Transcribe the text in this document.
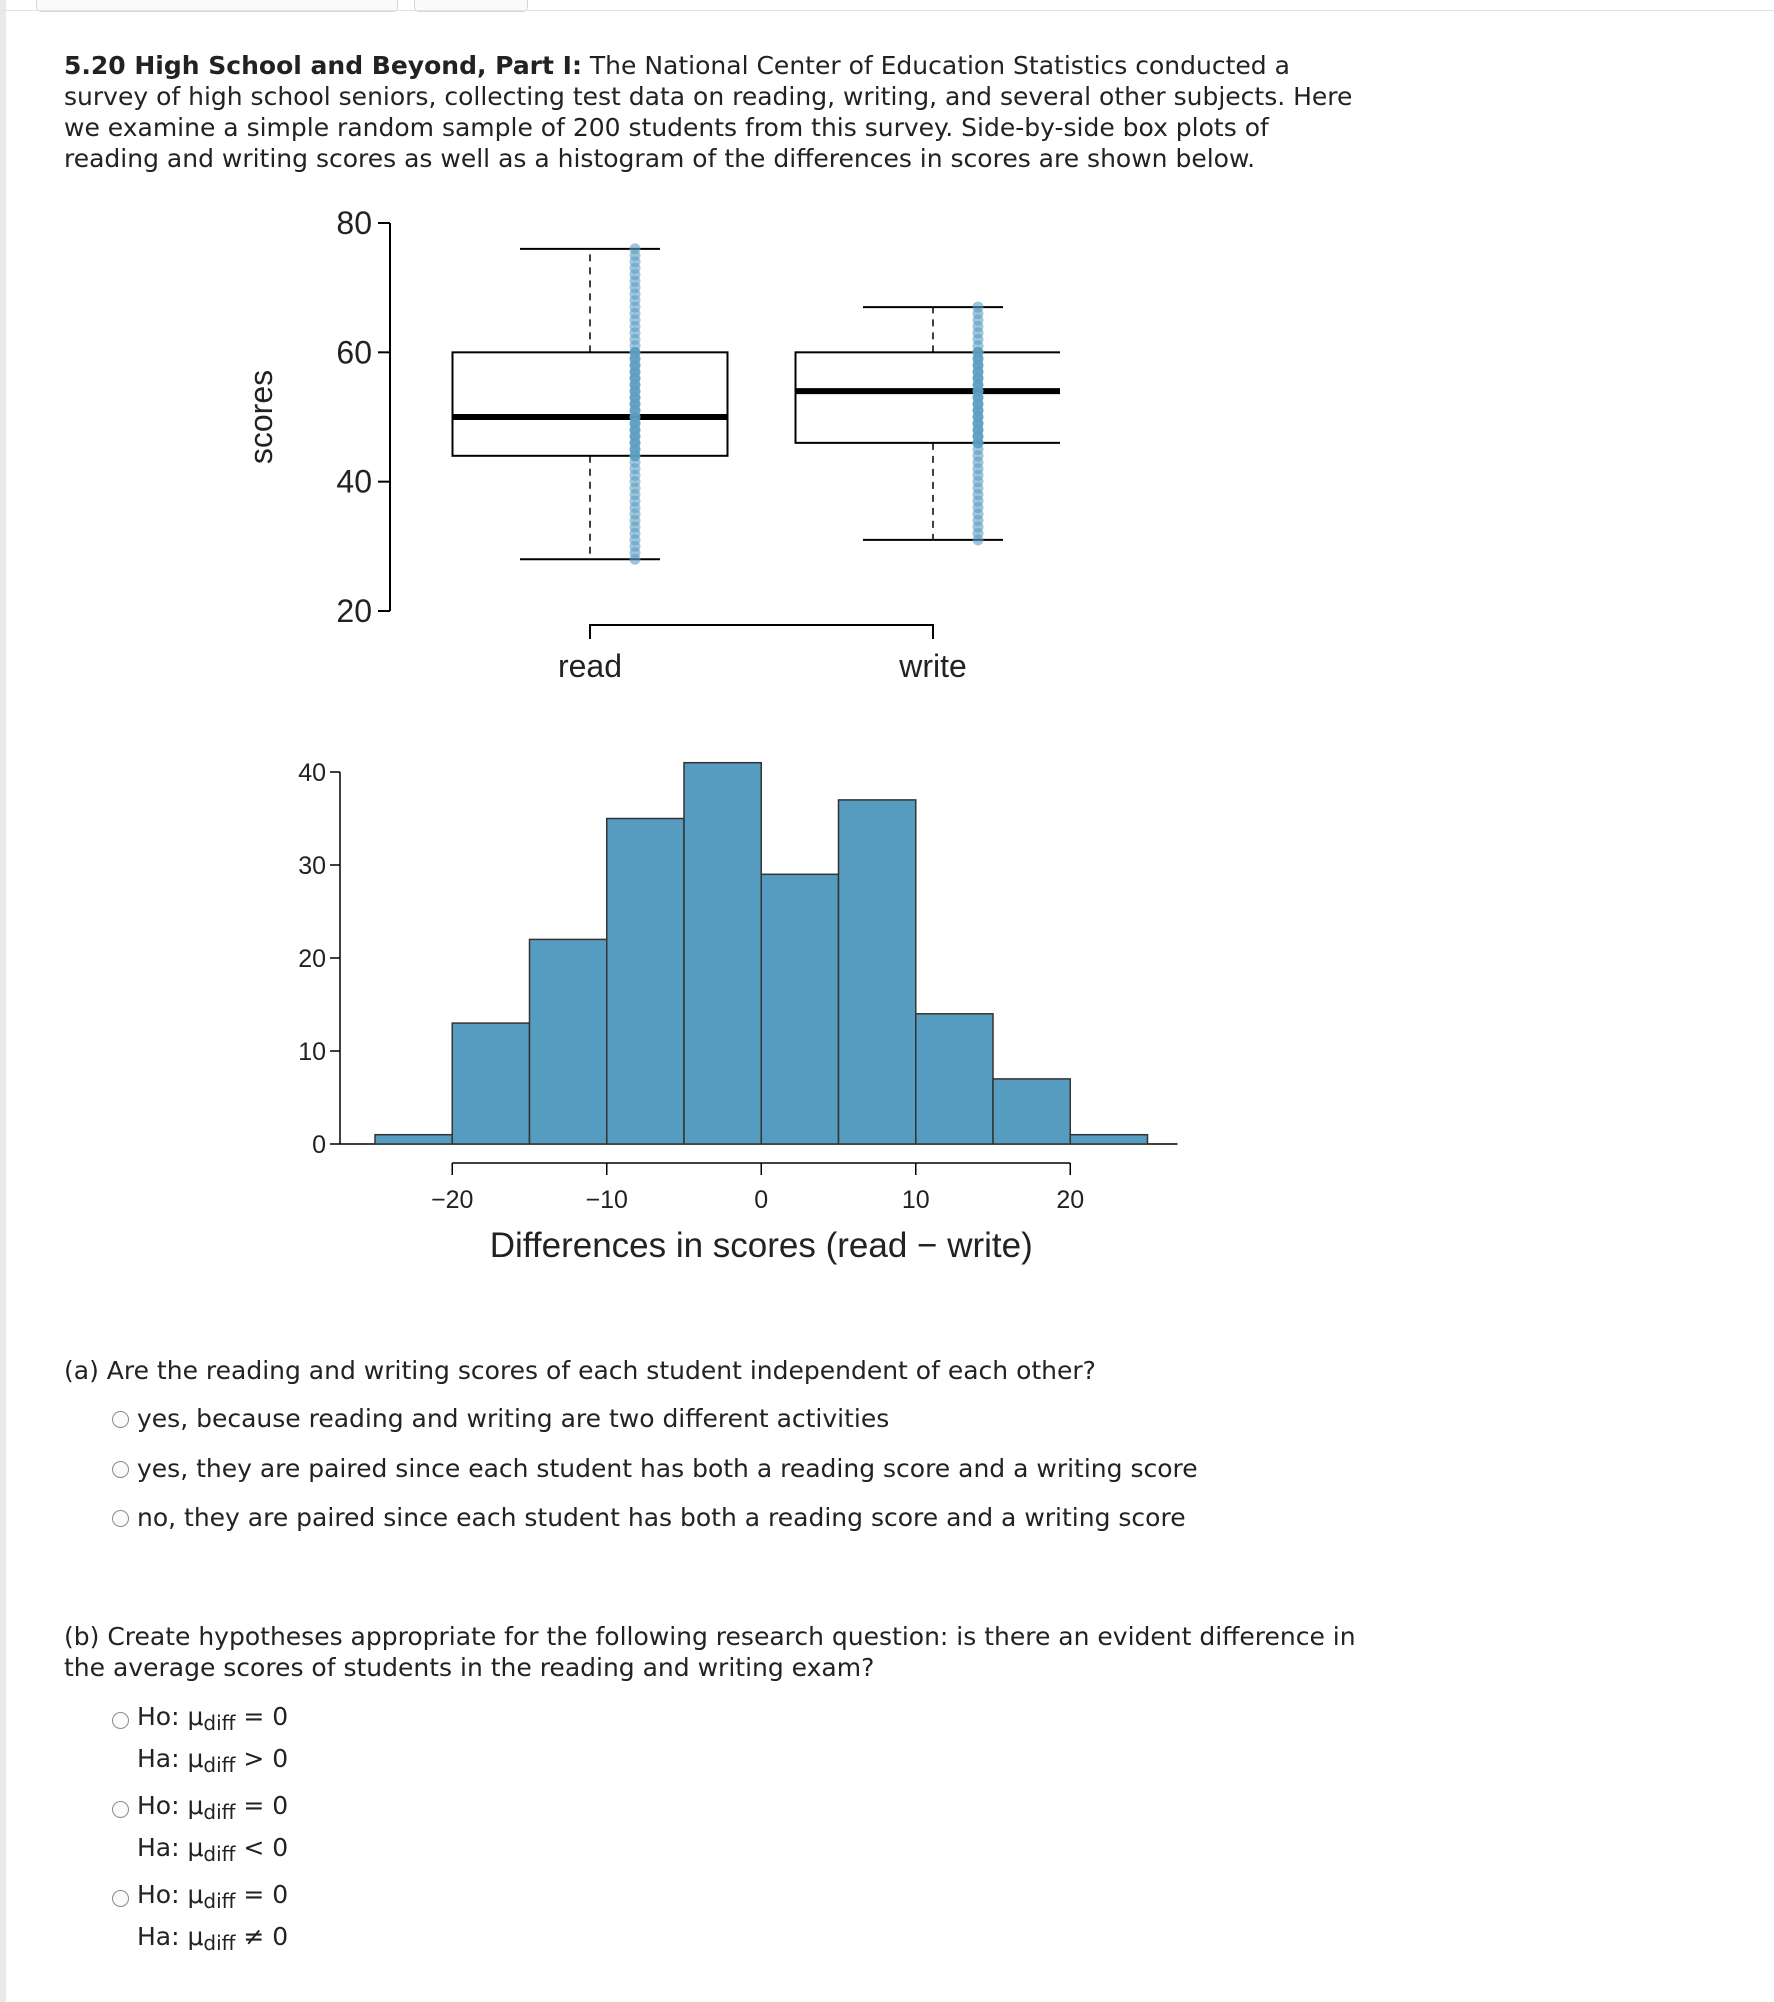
5.20 High School and Beyond, Part I: The National Center of Education Statistics conducted a survey of high school seniors, collecting test data on reading, writing, and several other subjects. Here we examine a simple random sample of 200 students from this survey. Side-by-side box plots of reading and writing scores as well as a histogram of the differences in scores are shown below.
20
40
60
80
scores
read	write
0
10
20
30
40
−20	−10	0	10	20
Differences in scores (read − write)
(a) Are the reading and writing scores of each student independent of each other?
yes, because reading and writing are two different activities
yes, they are paired since each student has both a reading score and a writing score
no, they are paired since each student has both a reading score and a writing score
(b) Create hypotheses appropriate for the following research question: is there an evident difference in the average scores of students in the reading and writing exam?
Ho: $\mu_{diff} = 0$
Ha: $\mu_{diff} > 0$
Ho: $\mu_{diff} = 0$
Ha: $\mu_{diff} < 0$
Ho: $\mu_{diff} = 0$
Ha: $\mu_{diff} \ne 0$
